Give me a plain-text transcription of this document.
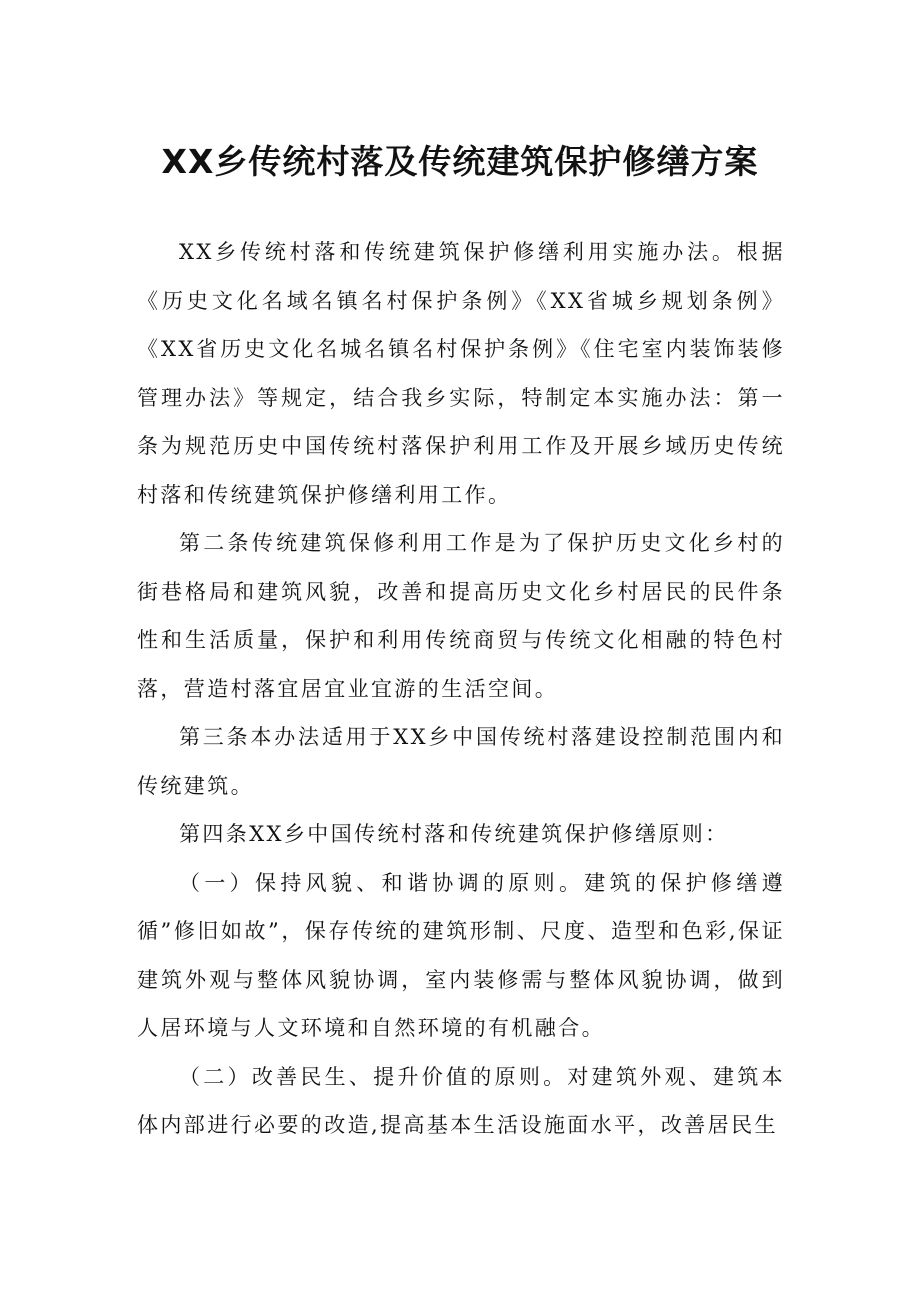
XX乡传统村落及传统建筑保护修缮方案

XX乡传统村落和传统建筑保护修缮利用实施办法。根据《历史文化名域名镇名村保护条例》《XX省城乡规划条例》《XX省历史文化名城名镇名村保护条例》《住宅室内装饰装修管理办法》等规定，结合我乡实际，特制定本实施办法：第一条为规范历史中国传统村落保护利用工作及开展乡域历史传统村落和传统建筑保护修缮利用工作。

第二条传统建筑保修利用工作是为了保护历史文化乡村的街巷格局和建筑风貌，改善和提高历史文化乡村居民的民件条性和生活质量，保护和利用传统商贸与传统文化相融的特色村落，营造村落宜居宜业宜游的生活空间。

第三条本办法适用于XX乡中国传统村落建设控制范围内和传统建筑。

第四条XX乡中国传统村落和传统建筑保护修缮原则：

（一）保持风貌、和谐协调的原则。建筑的保护修缮遵循”修旧如故”，保存传统的建筑形制、尺度、造型和色彩,保证建筑外观与整体风貌协调，室内装修需与整体风貌协调，做到人居环境与人文环境和自然环境的有机融合。

（二）改善民生、提升价值的原则。对建筑外观、建筑本体内部进行必要的改造,提高基本生活设施面水平，改善居民生
